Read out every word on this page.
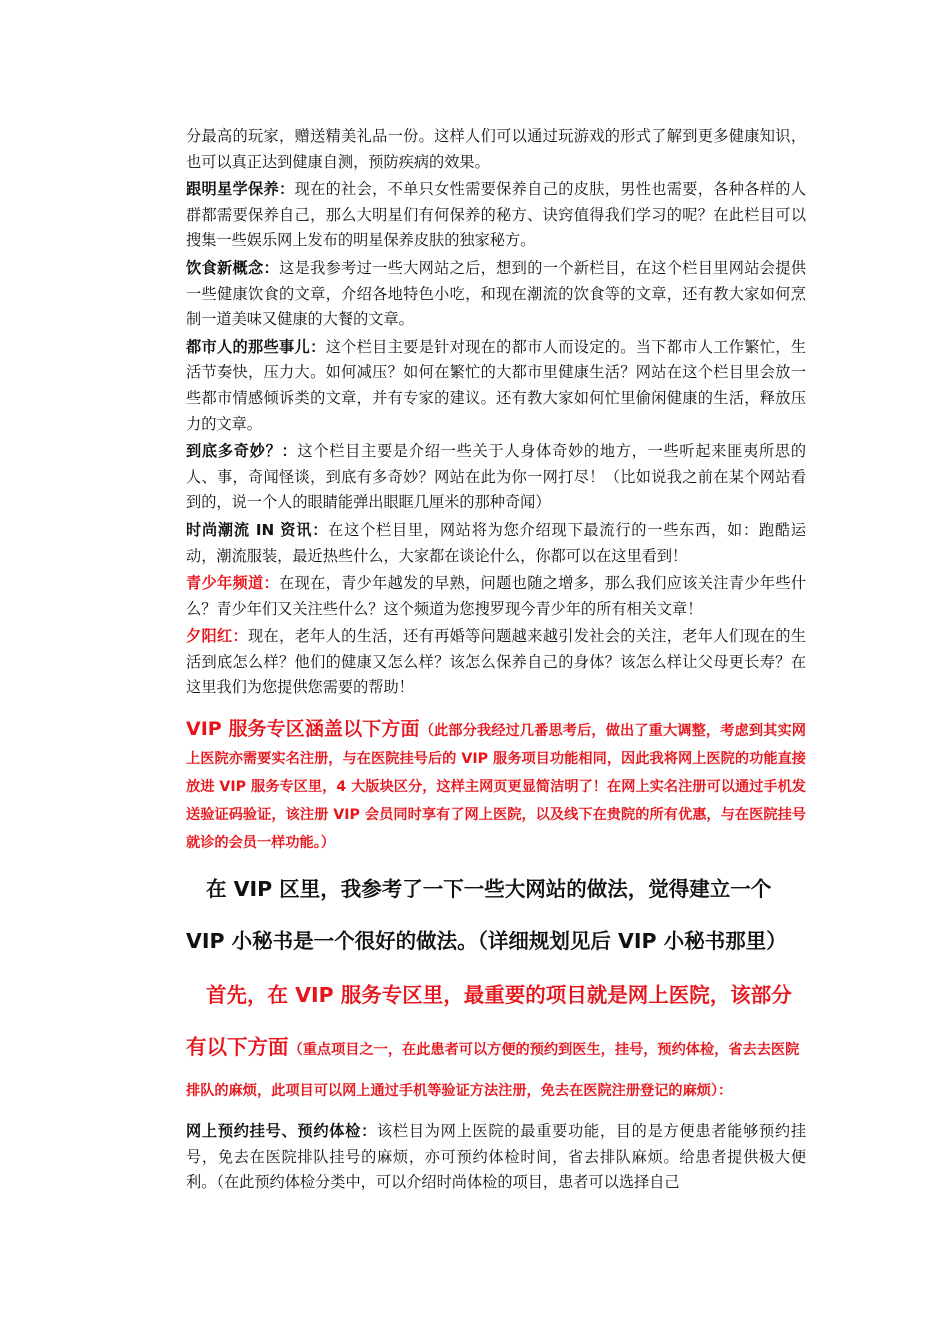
分最高的玩家，赠送精美礼品一份。这样人们可以通过玩游戏的形式了解到更多健康知识，也可以真正达到健康自测，预防疾病的效果。

跟明星学保养：现在的社会，不单只女性需要保养自己的皮肤，男性也需要，各种各样的人群都需要保养自己，那么大明星们有何保养的秘方、诀窍值得我们学习的呢？在此栏目可以搜集一些娱乐网上发布的明星保养皮肤的独家秘方。

饮食新概念：这是我参考过一些大网站之后，想到的一个新栏目，在这个栏目里网站会提供一些健康饮食的文章，介绍各地特色小吃，和现在潮流的饮食等的文章，还有教大家如何烹制一道美味又健康的大餐的文章。

都市人的那些事儿：这个栏目主要是针对现在的都市人而设定的。当下都市人工作繁忙，生活节奏快，压力大。如何减压？如何在繁忙的大都市里健康生活？网站在这个栏目里会放一些都市情感倾诉类的文章，并有专家的建议。还有教大家如何忙里偷闲健康的生活，释放压力的文章。

到底多奇妙？：这个栏目主要是介绍一些关于人身体奇妙的地方，一些听起来匪夷所思的人、事，奇闻怪谈，到底有多奇妙？网站在此为你一网打尽！（比如说我之前在某个网站看到的，说一个人的眼睛能弹出眼眶几厘米的那种奇闻）

时尚潮流 IN 资讯：在这个栏目里，网站将为您介绍现下最流行的一些东西，如：跑酷运动，潮流服装，最近热些什么，大家都在谈论什么，你都可以在这里看到！

青少年频道：在现在，青少年越发的早熟，问题也随之增多，那么我们应该关注青少年些什么？青少年们又关注些什么？这个频道为您搜罗现今青少年的所有相关文章！

夕阳红：现在，老年人的生活，还有再婚等问题越来越引发社会的关注，老年人们现在的生活到底怎么样？他们的健康又怎么样？该怎么保养自己的身体？该怎么样让父母更长寿？在这里我们为您提供您需要的帮助！

VIP 服务专区涵盖以下方面（此部分我经过几番思考后，做出了重大调整，考虑到其实网上医院亦需要实名注册，与在医院挂号后的 VIP 服务项目功能相同，因此我将网上医院的功能直接放进 VIP 服务专区里，4 大版块区分，这样主网页更显简洁明了！在网上实名注册可以通过手机发送验证码验证，该注册 VIP 会员同时享有了网上医院，以及线下在贵院的所有优惠，与在医院挂号就诊的会员一样功能。）

在 VIP 区里，我参考了一下一些大网站的做法，觉得建立一个 VIP 小秘书是一个很好的做法。（详细规划见后 VIP 小秘书那里）

首先，在 VIP 服务专区里，最重要的项目就是网上医院，该部分有以下方面（重点项目之一，在此患者可以方便的预约到医生，挂号，预约体检，省去去医院排队的麻烦，此项目可以网上通过手机等验证方法注册，免去在医院注册登记的麻烦）：

网上预约挂号、预约体检：该栏目为网上医院的最重要功能，目的是方便患者能够预约挂号，免去在医院排队挂号的麻烦，亦可预约体检时间，省去排队麻烦。给患者提供极大便利。（在此预约体检分类中，可以介绍时尚体检的项目，患者可以选择自己
